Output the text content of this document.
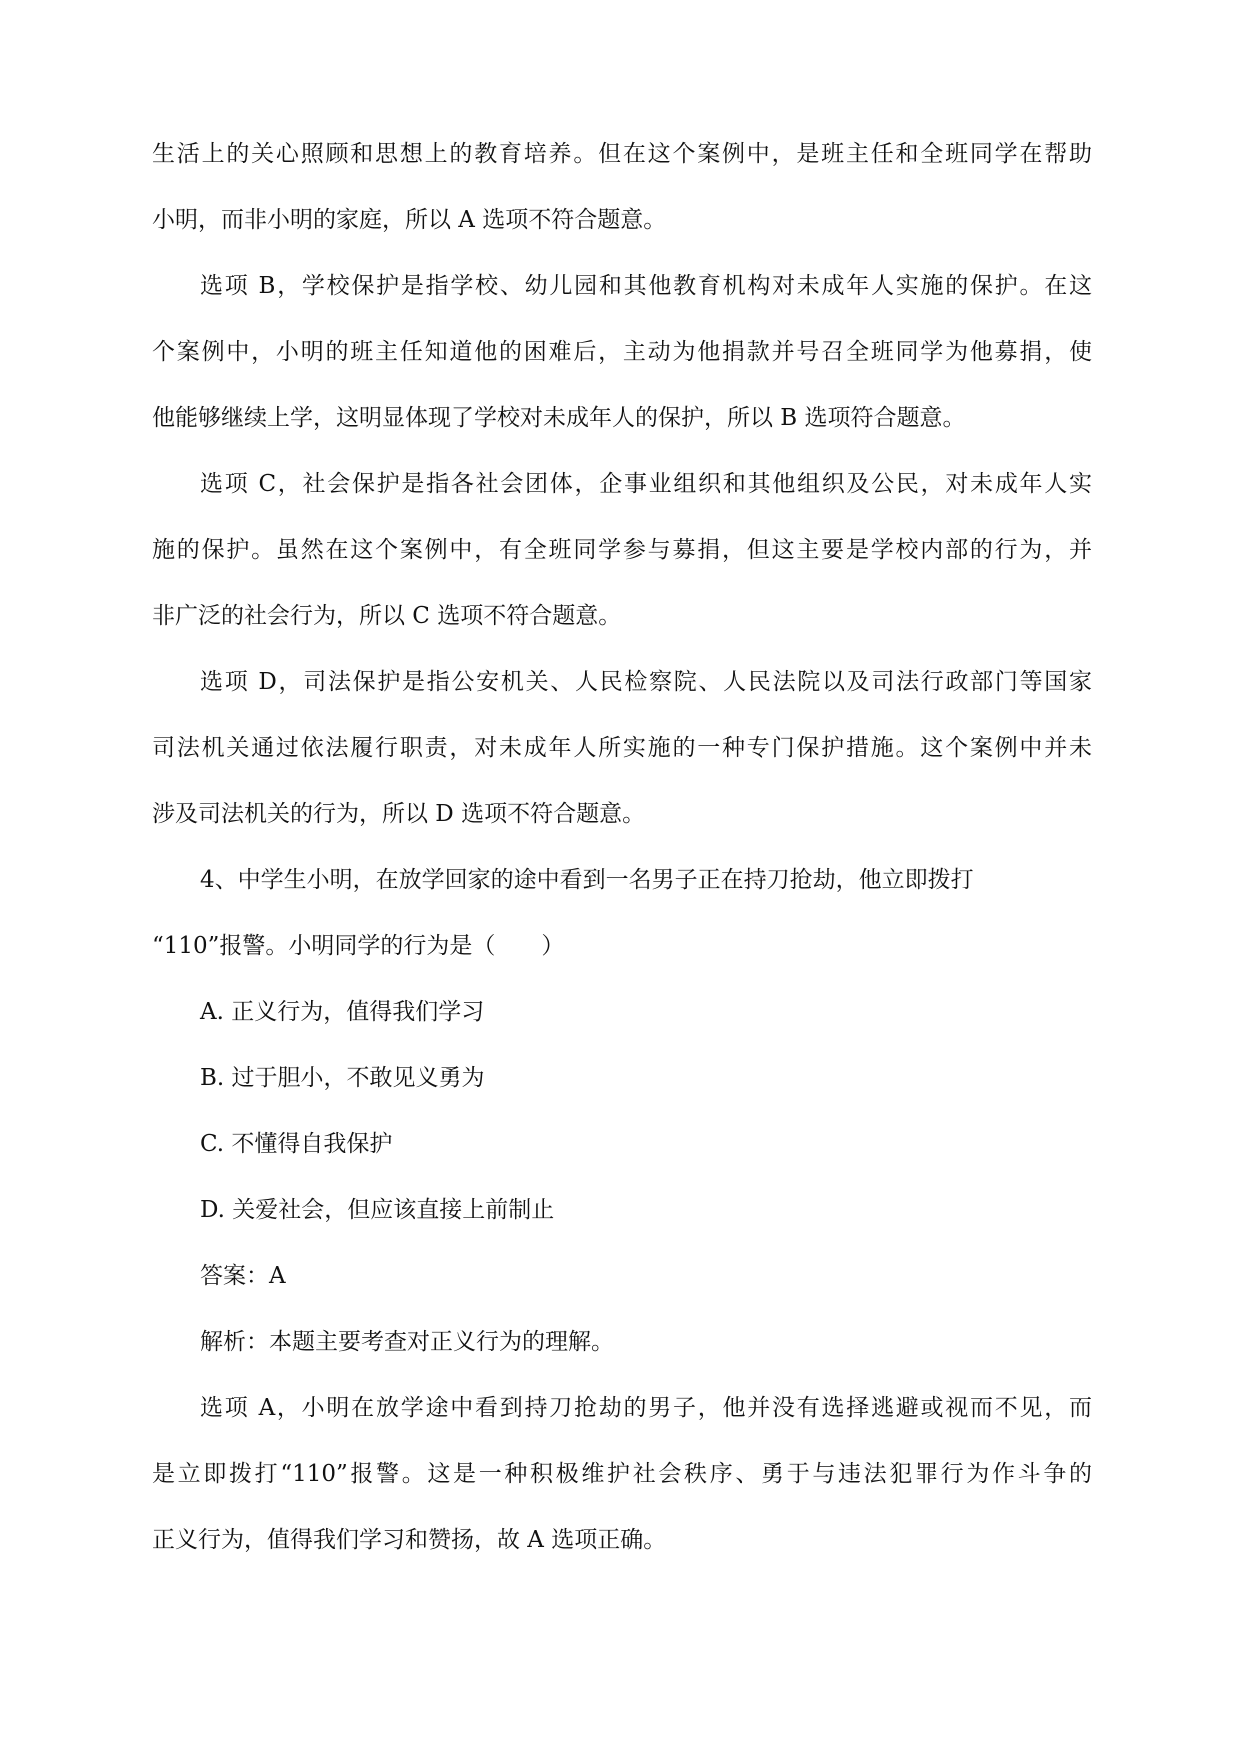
生活上的关心照顾和思想上的教育培养。但在这个案例中，是班主任和全班同学在帮助
小明，而非小明的家庭，所以 A 选项不符合题意。
选项 B，学校保护是指学校、幼儿园和其他教育机构对未成年人实施的保护。在这
个案例中，小明的班主任知道他的困难后，主动为他捐款并号召全班同学为他募捐，使
他能够继续上学，这明显体现了学校对未成年人的保护，所以 B 选项符合题意。
选项 C，社会保护是指各社会团体，企事业组织和其他组织及公民，对未成年人实
施的保护。虽然在这个案例中，有全班同学参与募捐，但这主要是学校内部的行为，并
非广泛的社会行为，所以 C 选项不符合题意。
选项 D，司法保护是指公安机关、人民检察院、人民法院以及司法行政部门等国家
司法机关通过依法履行职责，对未成年人所实施的一种专门保护措施。这个案例中并未
涉及司法机关的行为，所以 D 选项不符合题意。
4、中学生小明，在放学回家的途中看到一名男子正在持刀抢劫，他立即拨打
“110”报警。小明同学的行为是（　　）
A. 正义行为，值得我们学习
B. 过于胆小，不敢见义勇为
C. 不懂得自我保护
D. 关爱社会，但应该直接上前制止
答案：A
解析：本题主要考查对正义行为的理解。
选项 A，小明在放学途中看到持刀抢劫的男子，他并没有选择逃避或视而不见，而
是立即拨打“110”报警。这是一种积极维护社会秩序、勇于与违法犯罪行为作斗争的
正义行为，值得我们学习和赞扬，故 A 选项正确。
